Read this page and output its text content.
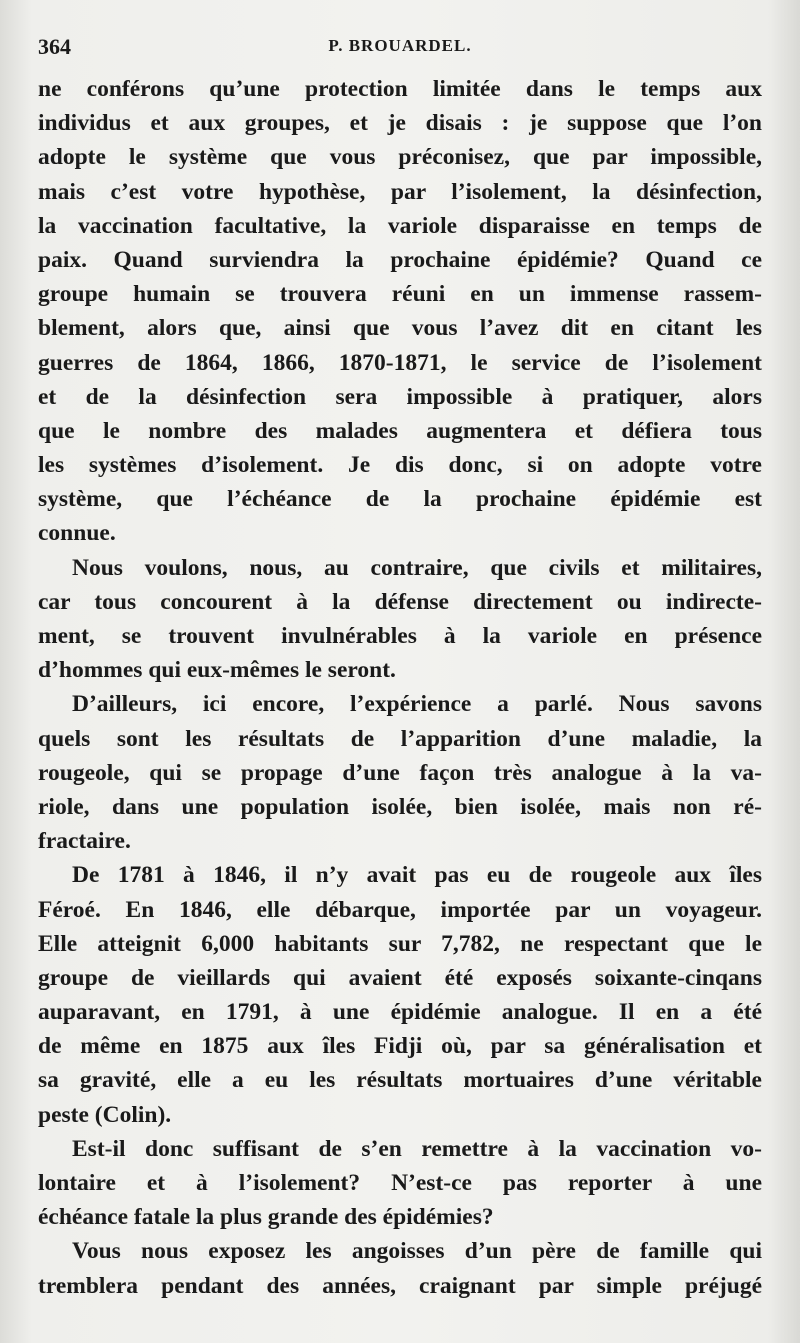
364	P. BROUARDEL.
ne conférons qu’une protection limitée dans le temps aux
individus et aux groupes, et je disais : je suppose que l’on
adopte le système que vous préconisez, que par impossible,
mais c’est votre hypothèse, par l’isolement, la désinfection,
la vaccination facultative, la variole disparaisse en temps de
paix. Quand surviendra la prochaine épidémie? Quand ce
groupe humain se trouvera réuni en un immense rassem-
blement, alors que, ainsi que vous l’avez dit en citant les
guerres de 1864, 1866, 1870-1871, le service de l’isolement
et de la désinfection sera impossible à pratiquer, alors
que le nombre des malades augmentera et défiera tous
les systèmes d’isolement. Je dis donc, si on adopte votre
système, que l’échéance de la prochaine épidémie est
connue.
Nous voulons, nous, au contraire, que civils et militaires,
car tous concourent à la défense directement ou indirecte-
ment, se trouvent invulnérables à la variole en présence
d’hommes qui eux-mêmes le seront.
D’ailleurs, ici encore, l’expérience a parlé. Nous savons
quels sont les résultats de l’apparition d’une maladie, la
rougeole, qui se propage d’une façon très analogue à la va-
riole, dans une population isolée, bien isolée, mais non ré-
fractaire.
De 1781 à 1846, il n’y avait pas eu de rougeole aux îles
Féroé. En 1846, elle débarque, importée par un voyageur.
Elle atteignit 6,000 habitants sur 7,782, ne respectant que le
groupe de vieillards qui avaient été exposés soixante-cinqans
auparavant, en 1791, à une épidémie analogue. Il en a été
de même en 1875 aux îles Fidji où, par sa généralisation et
sa gravité, elle a eu les résultats mortuaires d’une véritable
peste (Colin).
Est-il donc suffisant de s’en remettre à la vaccination vo-
lontaire et à l’isolement? N’est-ce pas reporter à une
échéance fatale la plus grande des épidémies?
Vous nous exposez les angoisses d’un père de famille qui
tremblera pendant des années, craignant par simple préjugé
